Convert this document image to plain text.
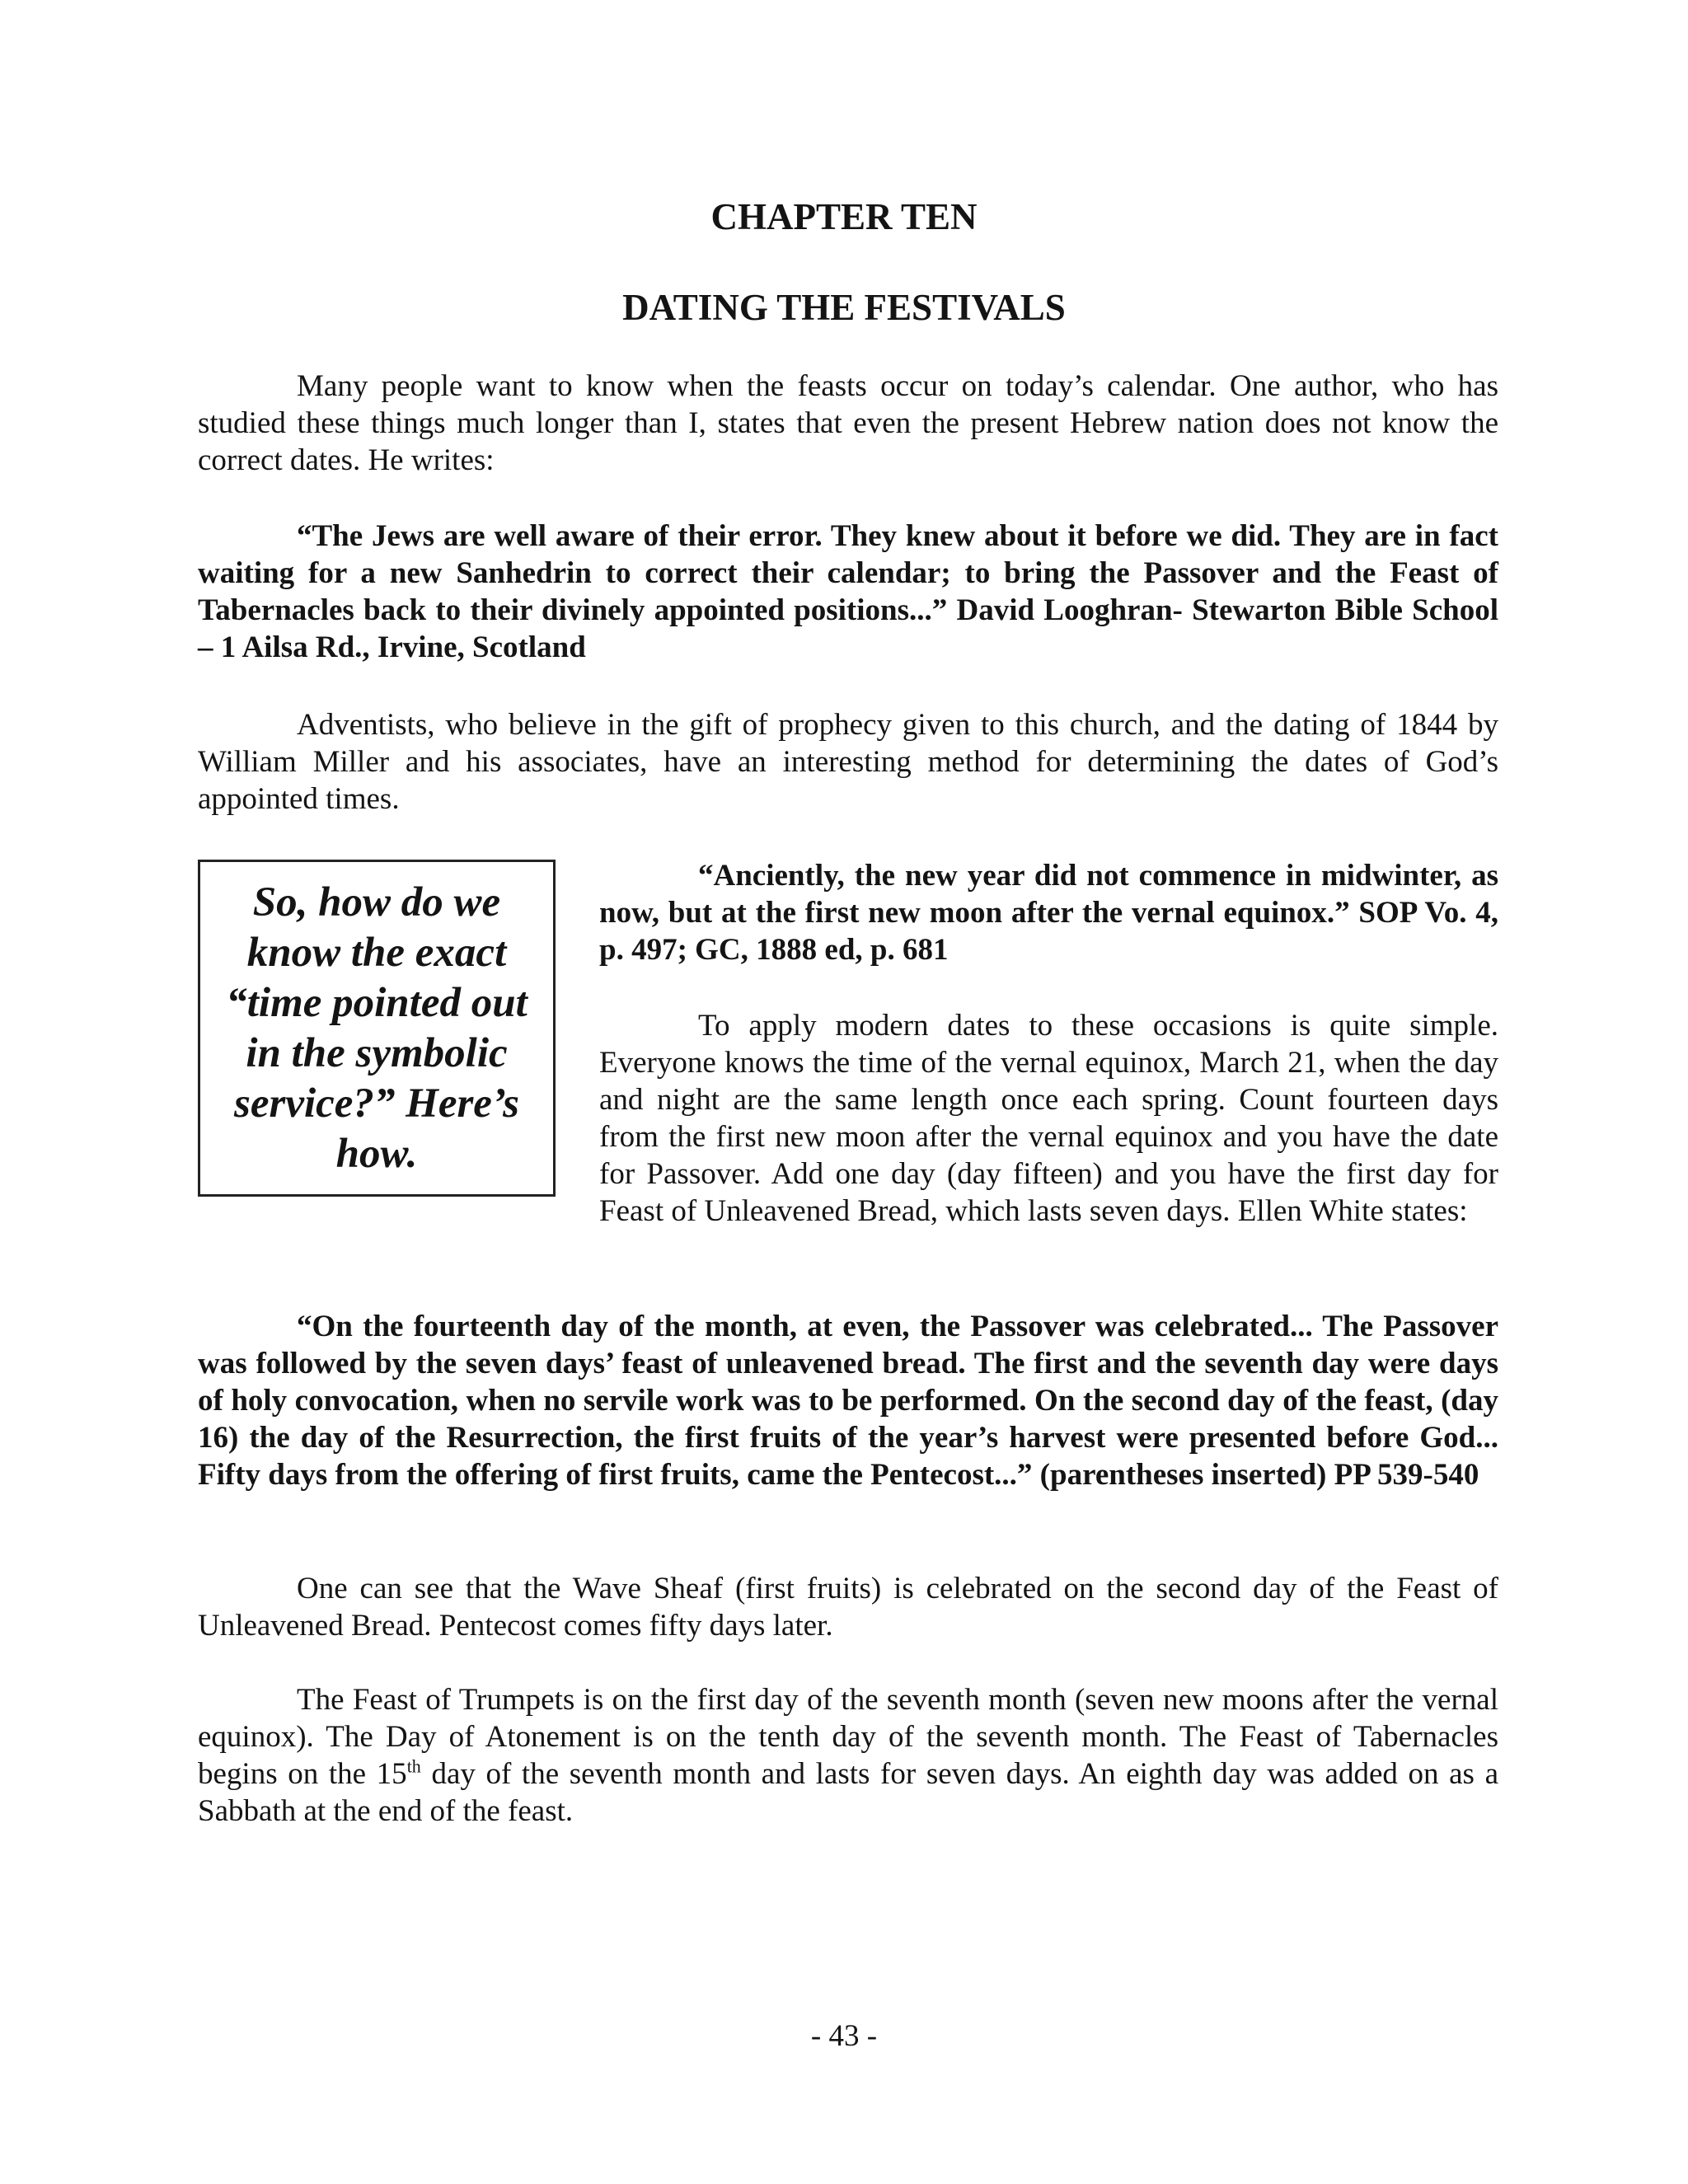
CHAPTER TEN
DATING THE FESTIVALS

Many people want to know when the feasts occur on today’s calendar. One author, who has studied these things much longer than I, states that even the present Hebrew nation does not know the correct dates. He writes:

“The Jews are well aware of their error. They knew about it before we did. They are in fact waiting for a new Sanhedrin to correct their calendar; to bring the Passover and the Feast of Tabernacles back to their divinely appointed positions...” David Looghran- Stewarton Bible School – 1 Ailsa Rd., Irvine, Scotland

Adventists, who believe in the gift of prophecy given to this church, and the dating of 1844 by William Miller and his associates, have an interesting method for determining the dates of God’s appointed times.

So, how do we know the exact “time pointed out in the symbolic service?” Here’s how.

“Anciently, the new year did not commence in midwinter, as now, but at the first new moon after the vernal equinox.” SOP Vo. 4, p. 497; GC, 1888 ed, p. 681

To apply modern dates to these occasions is quite simple. Everyone knows the time of the vernal equinox, March 21, when the day and night are the same length once each spring. Count fourteen days from the first new moon after the vernal equinox and you have the date for Passover. Add one day (day fifteen) and you have the first day for Feast of Unleavened Bread, which lasts seven days. Ellen White states:

“On the fourteenth day of the month, at even, the Passover was celebrated... The Passover was followed by the seven days’ feast of unleavened bread. The first and the seventh day were days of holy convocation, when no servile work was to be performed. On the second day of the feast, (day 16) the day of the Resurrection, the first fruits of the year’s harvest were presented before God... Fifty days from the offering of first fruits, came the Pentecost...” (parentheses inserted) PP 539-540

One can see that the Wave Sheaf (first fruits) is celebrated on the second day of the Feast of Unleavened Bread. Pentecost comes fifty days later.

The Feast of Trumpets is on the first day of the seventh month (seven new moons after the vernal equinox). The Day of Atonement is on the tenth day of the seventh month. The Feast of Tabernacles begins on the 15th day of the seventh month and lasts for seven days. An eighth day was added on as a Sabbath at the end of the feast.

- 43 -
